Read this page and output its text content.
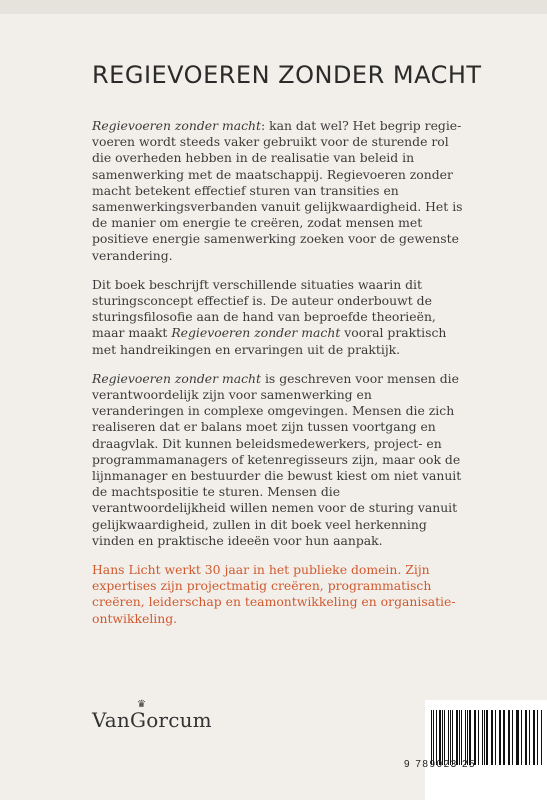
REGIEVOEREN ZONDER MACHT

Regievoeren zonder macht: kan dat wel? Het begrip regie- voeren wordt steeds vaker gebruikt voor de sturende rol die overheden hebben in de realisatie van beleid in samenwerking met de maatschappij. Regievoeren zonder macht betekent effectief sturen van transities en samenwerkingsverbanden vanuit gelijkwaardigheid. Het is de manier om energie te creëren, zodat mensen met positieve energie samenwerking zoeken voor de gewenste verandering.

Dit boek beschrijft verschillende situaties waarin dit sturingsconcept effectief is. De auteur onderbouwt de sturingsfilosofie aan de hand van beproefde theorieën, maar maakt Regievoeren zonder macht vooral praktisch met handreikingen en ervaringen uit de praktijk.

Regievoeren zonder macht is geschreven voor mensen die verantwoordelijk zijn voor samenwerking en veranderingen in complexe omgevingen. Mensen die zich realiseren dat er balans moet zijn tussen voortgang en draagvlak. Dit kunnen beleidsmedewerkers, project- en programmamanagers of ketenregisseurs zijn, maar ook de lijnmanager en bestuurder die bewust kiest om niet vanuit de machtspositie te sturen. Mensen die verantwoordelijkheid willen nemen voor de sturing vanuit gelijkwaardigheid, zullen in dit boek veel herkenning vinden en praktische ideeën voor hun aanpak.

Hans Licht werkt 30 jaar in het publieke domein. Zijn expertises zijn projectmatig creëren, programmatisch creëren, leiderschap en teamontwikkeling en organisatie- ontwikkeling.

♛
VanGorcum
9 789023 25
